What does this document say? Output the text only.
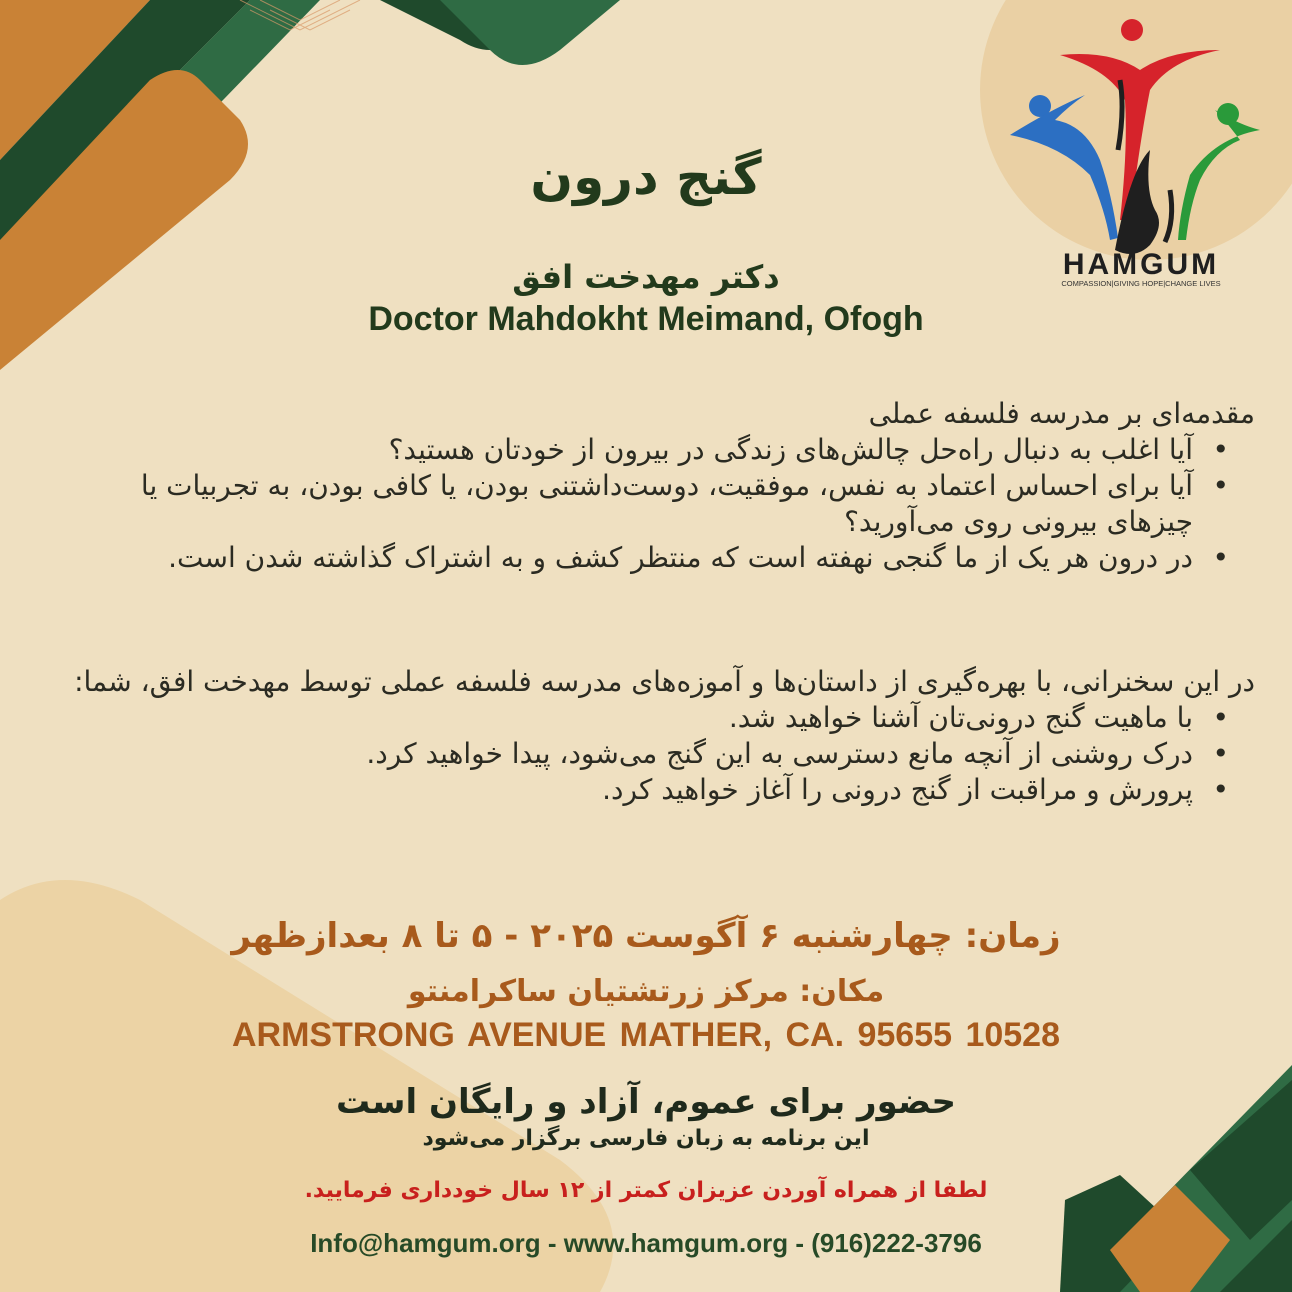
HAMGUM
COMPASSION|GIVING HOPE|CHANGE LIVES
گنج درون
دکتر مهدخت افق
Doctor Mahdokht Meimand, Ofogh
مقدمه‌ای بر مدرسه فلسفه عملی
• آیا اغلب به دنبال راه‌حل چالش‌های زندگی در بیرون از خودتان هستید؟
• آیا برای احساس اعتماد به نفس، موفقیت، دوست‌داشتنی بودن، یا کافی بودن، به تجربیات یا چیزهای بیرونی روی می‌آورید؟
• در درون هر یک از ما گنجی نهفته است که منتظر کشف و به اشتراک گذاشته شدن است.
در این سخنرانی، با بهره‌گیری از داستان‌ها و آموزه‌های مدرسه فلسفه عملی توسط مهدخت افق، شما:
• با ماهیت گنج درونی‌تان آشنا خواهید شد.
• درک روشنی از آنچه مانع دسترسی به این گنج می‌شود، پیدا خواهید کرد.
• پرورش و مراقبت از گنج درونی را آغاز خواهید کرد.
زمان: چهارشنبه ۶ آگوست ۲۰۲۵ - ۵ تا ۸ بعدازظهر
مکان: مرکز زرتشتیان ساکرامنتو
ARMSTRONG AVENUE MATHER, CA. 95655 10528
حضور برای عموم، آزاد و رایگان است
این برنامه به زبان فارسی برگزار می‌شود
لطفا از همراه آوردن عزیزان کمتر از ۱۲ سال خودداری فرمایید.
Info@hamgum.org - www.hamgum.org - (916)222-3796
